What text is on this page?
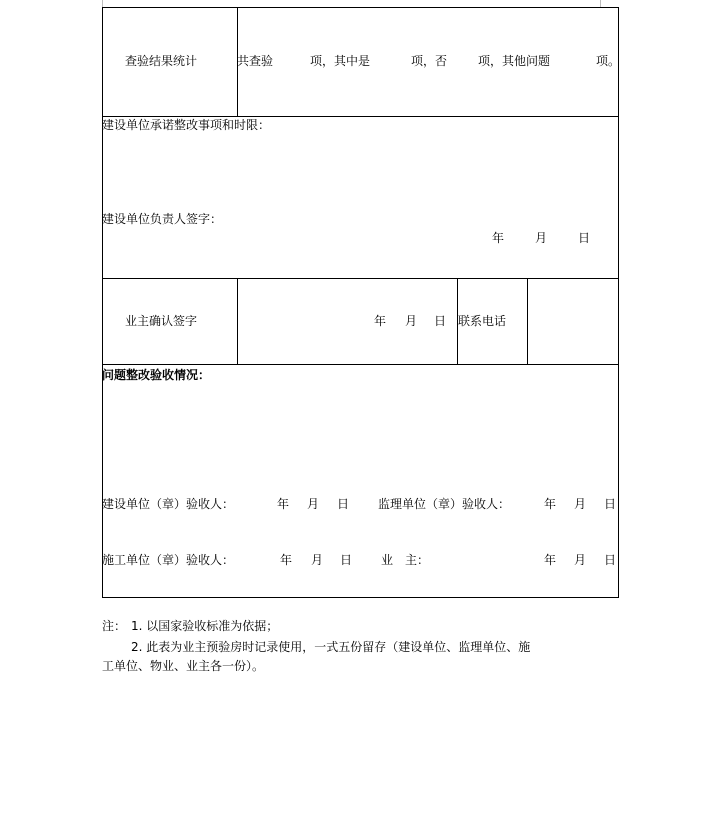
查验结果统计	共查验	项，其中是	项，否	项，其他问题	项。
建设单位承诺整改事项和时限：
建设单位负责人签字：
年	月	日
业主确认签字	年 月 日 联系电话
问题整改验收情况：
建设单位（章）验收人：	年 月 日 监理单位（章）验收人：	年 月 日
施工单位（章）验收人：	年 月 日 业　主：	年 月 日
注： 1. 以国家验收标准为依据；
2. 此表为业主预验房时记录使用，一式五份留存（建设单位、监理单位、施
工单位、物业、业主各一份）。
